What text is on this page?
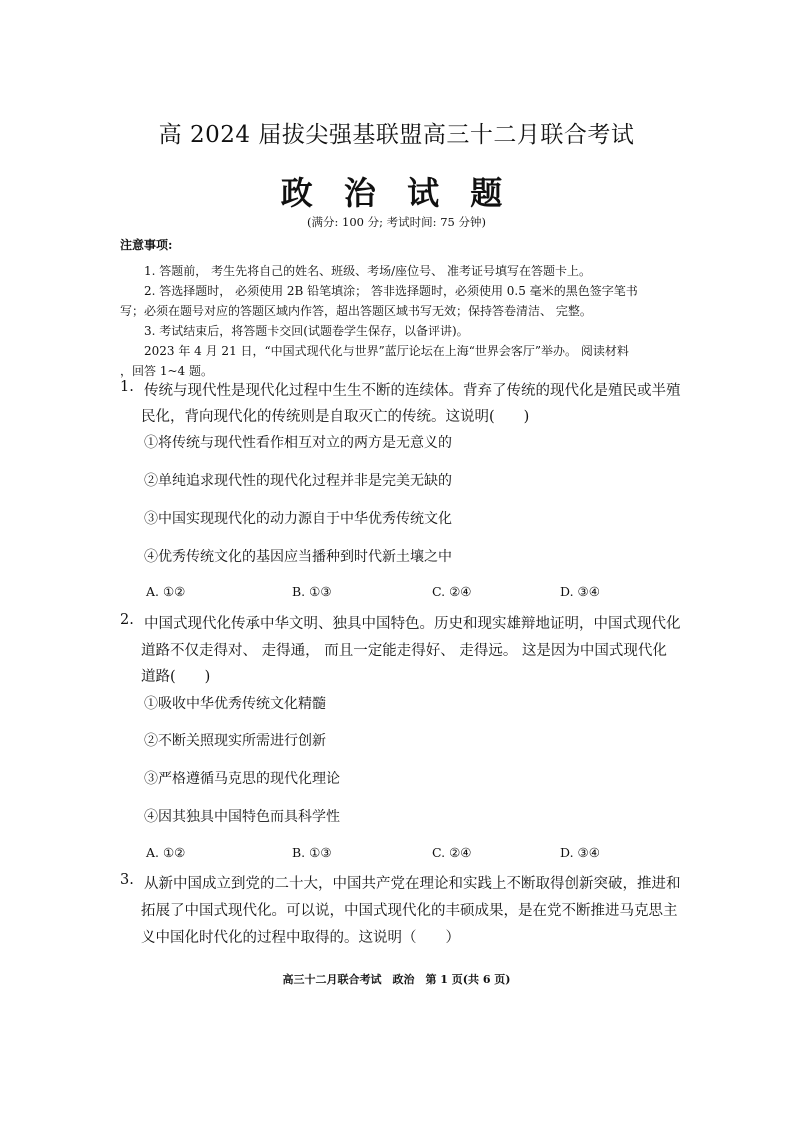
高 2024 届拔尖强基联盟高三十二月联合考试
政 治 试 题
(满分: 100 分; 考试时间: 75 分钟)
注意事项:
1. 答题前， 考生先将自己的姓名、班级、考场/座位号、 准考证号填写在答题卡上。
2. 答选择题时， 必须使用 2B 铅笔填涂； 答非选择题时，必须使用 0.5 毫米的黑色签字笔书
写；必须在题号对应的答题区域内作答，超出答题区域书写无效；保持答卷清洁、 完整。
3. 考试结束后，将答题卡交回(试题卷学生保存，以备评讲)。
2023 年 4 月 21 日，“中国式现代化与世界”蓝厅论坛在上海“世界会客厅”举办。 阅读材料
，回答 1~4 题。
1. 传统与现代性是现代化过程中生生不断的连续体。背弃了传统的现代化是殖民或半殖
民化，背向现代化的传统则是自取灭亡的传统。这说明(　　)
①将传统与现代性看作相互对立的两方是无意义的
②单纯追求现代性的现代化过程并非是完美无缺的
③中国实现现代化的动力源自于中华优秀传统文化
④优秀传统文化的基因应当播种到时代新土壤之中
A. ①②	B. ①③	C. ②④	D. ③④
2. 中国式现代化传承中华文明、独具中国特色。历史和现实雄辩地证明，中国式现代化
道路不仅走得对、 走得通， 而且一定能走得好、 走得远。 这是因为中国式现代化
道路(　　)
①吸收中华优秀传统文化精髓
②不断关照现实所需进行创新
③严格遵循马克思的现代化理论
④因其独具中国特色而具科学性
A. ①②	B. ①③	C. ②④	D. ③④
3. 从新中国成立到党的二十大，中国共产党在理论和实践上不断取得创新突破，推进和
拓展了中国式现代化。可以说，中国式现代化的丰硕成果，是在党不断推进马克思主
义中国化时代化的过程中取得的。这说明（　　）
高三十二月联合考试　政治　第 1 页(共 6 页)
